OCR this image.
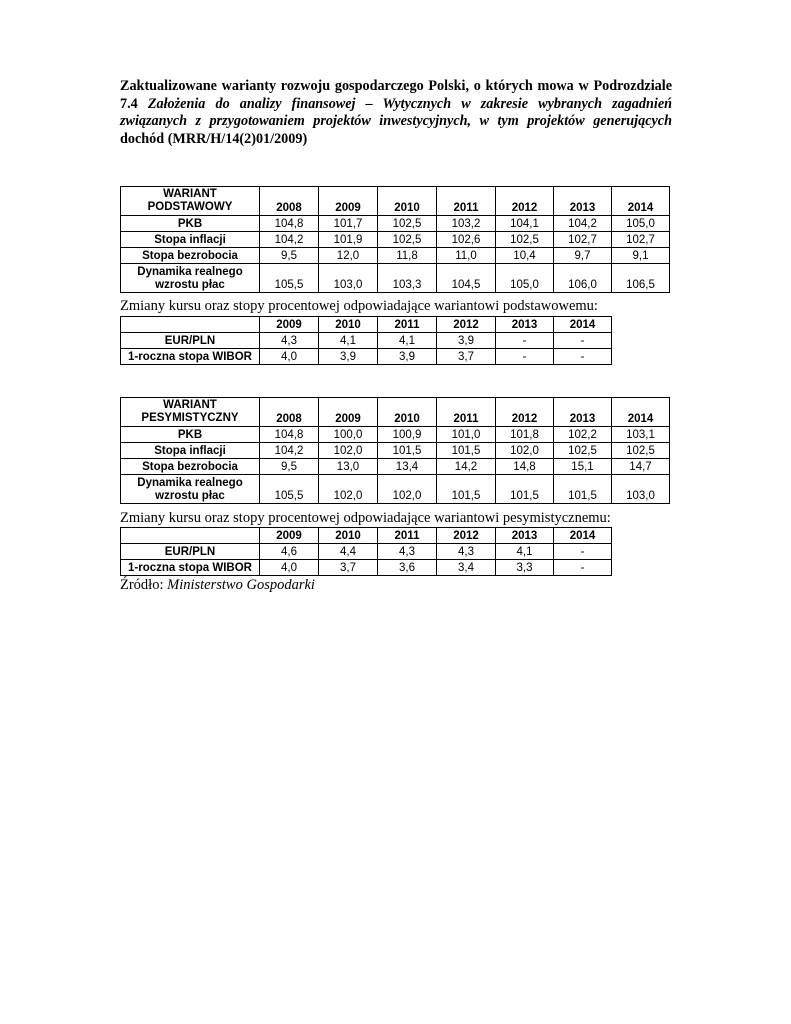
Zaktualizowane warianty rozwoju gospodarczego Polski, o których mowa w Podrozdziale 7.4 Założenia do analizy finansowej – Wytycznych w zakresie wybranych zagadnień związanych z przygotowaniem projektów inwestycyjnych, w tym projektów generujących dochód (MRR/H/14(2)01/2009)
WARIANT
PODSTAWOWY	2008	2009	2010	2011	2012	2013	2014
PKB	104,8	101,7	102,5	103,2	104,1	104,2	105,0
Stopa inflacji	104,2	101,9	102,5	102,6	102,5	102,7	102,7
Stopa bezrobocia	9,5	12,0	11,8	11,0	10,4	9,7	9,1
Dynamika realnego
wzrostu płac	105,5	103,0	103,3	104,5	105,0	106,0	106,5
Zmiany kursu oraz stopy procentowej odpowiadające wariantowi podstawowemu:
	2009	2010	2011	2012	2013	2014
EUR/PLN	4,3	4,1	4,1	3,9	-	-
1-roczna stopa WIBOR	4,0	3,9	3,9	3,7	-	-
WARIANT
PESYMISTYCZNY	2008	2009	2010	2011	2012	2013	2014
PKB	104,8	100,0	100,9	101,0	101,8	102,2	103,1
Stopa inflacji	104,2	102,0	101,5	101,5	102,0	102,5	102,5
Stopa bezrobocia	9,5	13,0	13,4	14,2	14,8	15,1	14,7
Dynamika realnego
wzrostu płac	105,5	102,0	102,0	101,5	101,5	101,5	103,0
Zmiany kursu oraz stopy procentowej odpowiadające wariantowi pesymistycznemu:
	2009	2010	2011	2012	2013	2014
EUR/PLN	4,6	4,4	4,3	4,3	4,1	-
1-roczna stopa WIBOR	4,0	3,7	3,6	3,4	3,3	-
Źródło: Ministerstwo Gospodarki
